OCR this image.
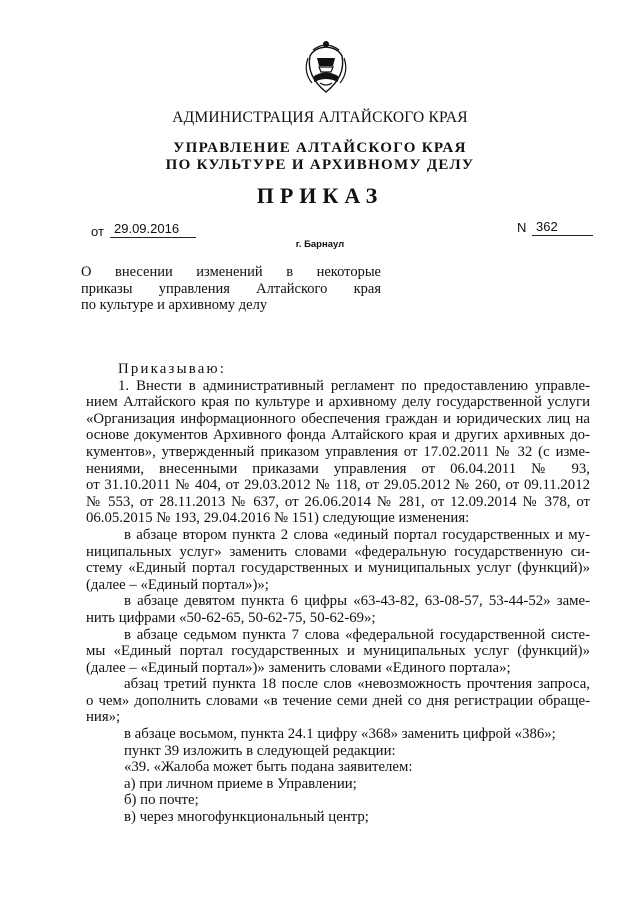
АДМИНИСТРАЦИЯ АЛТАЙСКОГО КРАЯ
УПРАВЛЕНИЕ АЛТАЙСКОГО КРАЯ
ПО КУЛЬТУРЕ И АРХИВНОМУ ДЕЛУ
ПРИКАЗ
от 29.09.2016	N 362
г. Барнаул
О внесении изменений в некоторые
приказы управления Алтайского края
по культуре и архивному делу
Приказываю:
1. Внести в административный регламент по предоставлению управле-
нием Алтайского края по культуре и архивному делу государственной услуги
«Организация информационного обеспечения граждан и юридических лиц на
основе документов Архивного фонда Алтайского края и других архивных до-
кументов», утвержденный приказом управления от 17.02.2011 № 32 (с изме-
нениями, внесенными приказами управления от 06.04.2011 № 93,
от 31.10.2011 № 404, от 29.03.2012 № 118, от 29.05.2012 № 260, от 09.11.2012
№ 553, от 28.11.2013 № 637, от 26.06.2014 № 281, от 12.09.2014 № 378, от
06.05.2015 № 193, 29.04.2016 № 151) следующие изменения:
в абзаце втором пункта 2 слова «единый портал государственных и му-
ниципальных услуг» заменить словами «федеральную государственную си-
стему «Единый портал государственных и муниципальных услуг (функций)»
(далее – «Единый портал»)»;
в абзаце девятом пункта 6 цифры «63-43-82, 63-08-57, 53-44-52» заме-
нить цифрами «50-62-65, 50-62-75, 50-62-69»;
в абзаце седьмом пункта 7 слова «федеральной государственной систе-
мы «Единый портал государственных и муниципальных услуг (функций)»
(далее – «Единый портал»)» заменить словами «Единого портала»;
абзац третий пункта 18 после слов «невозможность прочтения запроса,
о чем» дополнить словами «в течение семи дней со дня регистрации обраще-
ния»;
в абзаце восьмом, пункта 24.1 цифру «368» заменить цифрой «386»;
пункт 39 изложить в следующей редакции:
«39. «Жалоба может быть подана заявителем:
а) при личном приеме в Управлении;
б) по почте;
в) через многофункциональный центр;
